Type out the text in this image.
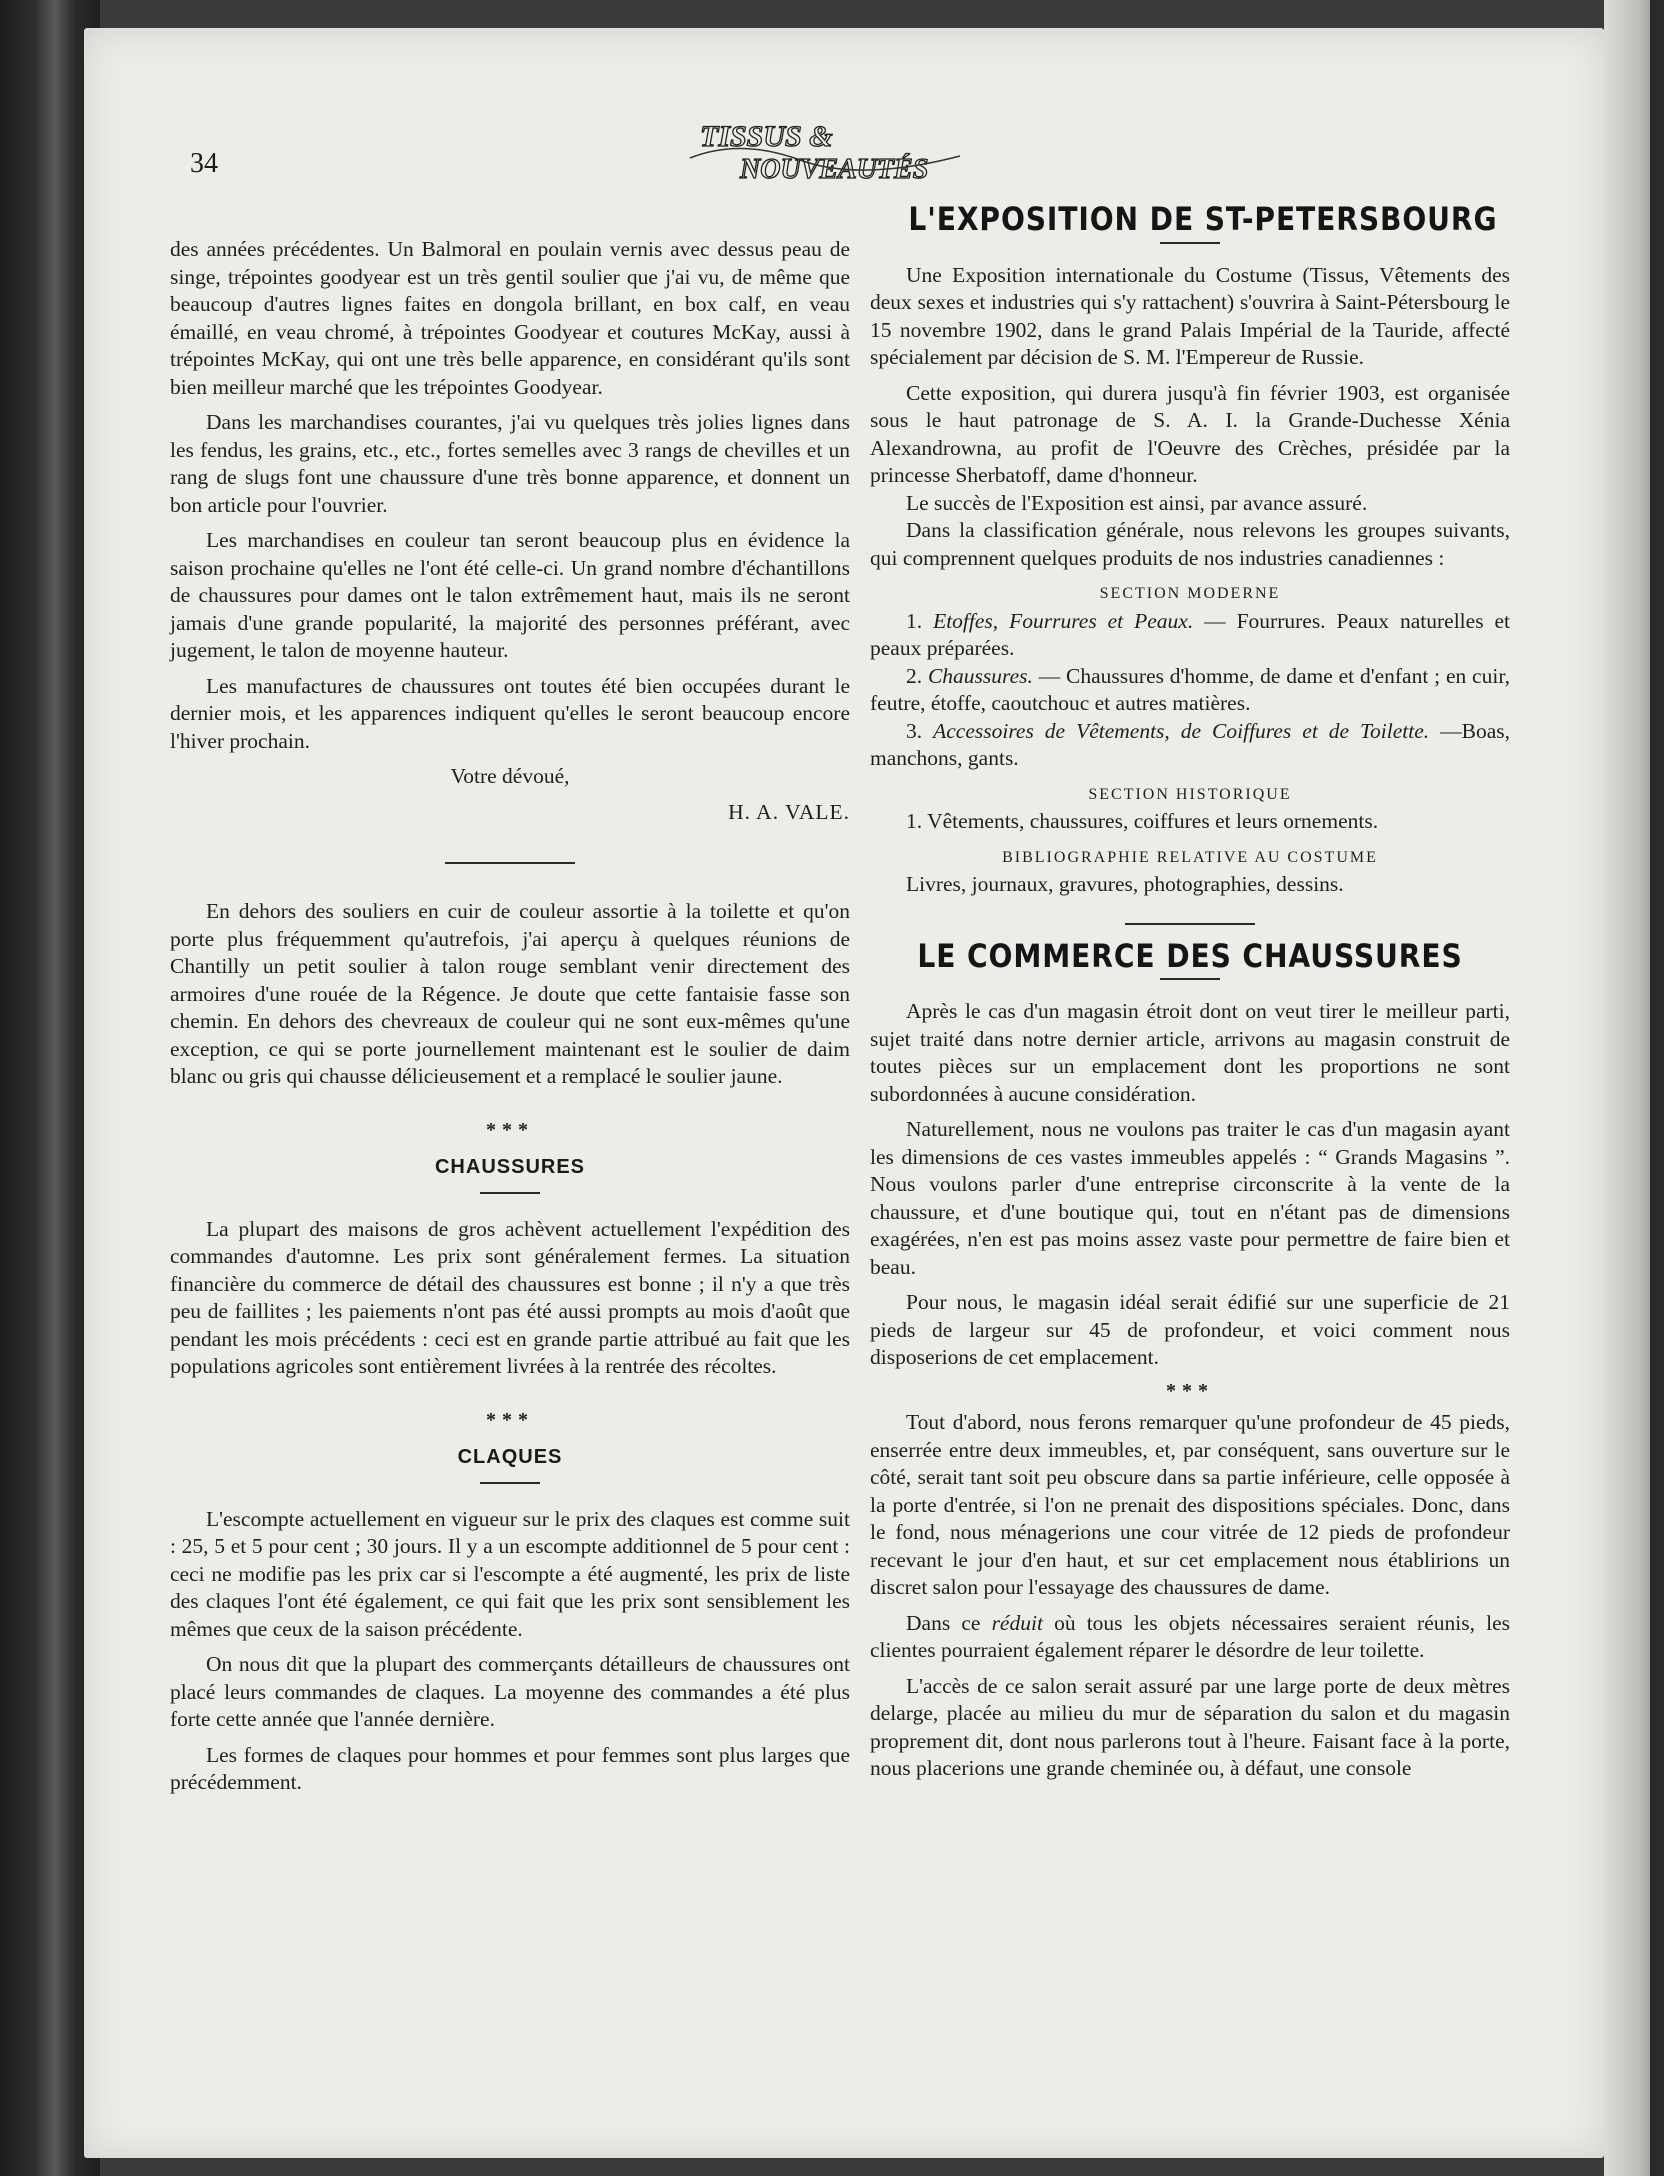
34
TISSUS &
NOUVEAUTÉS

des années précédentes. Un Balmoral en poulain vernis avec dessus peau de singe, trépointes goodyear est un très gentil soulier que j'ai vu, de même que beaucoup d'autres lignes faites en dongola brillant, en box calf, en veau émaillé, en veau chromé, à trépointes Goodyear et coutures McKay, aussi à trépointes McKay, qui ont une très belle apparence, en considérant qu'ils sont bien meilleur marché que les trépointes Goodyear.

Dans les marchandises courantes, j'ai vu quelques très jolies lignes dans les fendus, les grains, etc., etc., fortes semelles avec 3 rangs de chevilles et un rang de slugs font une chaussure d'une très bonne apparence, et donnent un bon article pour l'ouvrier.

Les marchandises en couleur tan seront beaucoup plus en évidence la saison prochaine qu'elles ne l'ont été celle-ci. Un grand nombre d'échantillons de chaussures pour dames ont le talon extrêmement haut, mais ils ne seront jamais d'une grande popularité, la majorité des personnes préférant, avec jugement, le talon de moyenne hauteur.

Les manufactures de chaussures ont toutes été bien occupées durant le dernier mois, et les apparences indiquent qu'elles le seront beaucoup encore l'hiver prochain.

Votre dévoué,

H. A. VALE.

En dehors des souliers en cuir de couleur assortie à la toilette et qu'on porte plus fréquemment qu'autrefois, j'ai aperçu à quelques réunions de Chantilly un petit soulier à talon rouge semblant venir directement des armoires d'une rouée de la Régence. Je doute que cette fantaisie fasse son chemin. En dehors des chevreaux de couleur qui ne sont eux-mêmes qu'une exception, ce qui se porte journellement maintenant est le soulier de daim blanc ou gris qui chausse délicieusement et a remplacé le soulier jaune.

***
CHAUSSURES

La plupart des maisons de gros achèvent actuellement l'expédition des commandes d'automne. Les prix sont généralement fermes. La situation financière du commerce de détail des chaussures est bonne ; il n'y a que très peu de faillites ; les paiements n'ont pas été aussi prompts au mois d'août que pendant les mois précédents : ceci est en grande partie attribué au fait que les populations agricoles sont entièrement livrées à la rentrée des récoltes.

***
CLAQUES

L'escompte actuellement en vigueur sur le prix des claques est comme suit : 25, 5 et 5 pour cent ; 30 jours. Il y a un escompte additionnel de 5 pour cent : ceci ne modifie pas les prix car si l'escompte a été augmenté, les prix de liste des claques l'ont été également, ce qui fait que les prix sont sensiblement les mêmes que ceux de la saison précédente.

On nous dit que la plupart des commerçants détailleurs de chaussures ont placé leurs commandes de claques. La moyenne des commandes a été plus forte cette année que l'année dernière.

Les formes de claques pour hommes et pour femmes sont plus larges que précédemment.

L'EXPOSITION DE ST-PETERSBOURG

Une Exposition internationale du Costume (Tissus, Vêtements des deux sexes et industries qui s'y rattachent) s'ouvrira à Saint-Pétersbourg le 15 novembre 1902, dans le grand Palais Impérial de la Tauride, affecté spécialement par décision de S. M. l'Empereur de Russie.

Cette exposition, qui durera jusqu'à fin février 1903, est organisée sous le haut patronage de S. A. I. la Grande-Duchesse Xénia Alexandrowna, au profit de l'Oeuvre des Crèches, présidée par la princesse Sherbatoff, dame d'honneur.

Le succès de l'Exposition est ainsi, par avance assuré.

Dans la classification générale, nous relevons les groupes suivants, qui comprennent quelques produits de nos industries canadiennes :

SECTION MODERNE

1. Etoffes, Fourrures et Peaux. — Fourrures. Peaux naturelles et peaux préparées.

2. Chaussures. — Chaussures d'homme, de dame et d'enfant ; en cuir, feutre, étoffe, caoutchouc et autres matières.

3. Accessoires de Vêtements, de Coiffures et de Toilette. —Boas, manchons, gants.

SECTION HISTORIQUE

1. Vêtements, chaussures, coiffures et leurs ornements.

BIBLIOGRAPHIE RELATIVE AU COSTUME

Livres, journaux, gravures, photographies, dessins.

LE COMMERCE DES CHAUSSURES

Après le cas d'un magasin étroit dont on veut tirer le meilleur parti, sujet traité dans notre dernier article, arrivons au magasin construit de toutes pièces sur un emplacement dont les proportions ne sont subordonnées à aucune considération.

Naturellement, nous ne voulons pas traiter le cas d'un magasin ayant les dimensions de ces vastes immeubles appelés : “ Grands Magasins ”. Nous voulons parler d'une entreprise circonscrite à la vente de la chaussure, et d'une boutique qui, tout en n'étant pas de dimensions exagérées, n'en est pas moins assez vaste pour permettre de faire bien et beau.

Pour nous, le magasin idéal serait édifié sur une superficie de 21 pieds de largeur sur 45 de profondeur, et voici comment nous disposerions de cet emplacement.

***

Tout d'abord, nous ferons remarquer qu'une profondeur de 45 pieds, enserrée entre deux immeubles, et, par conséquent, sans ouverture sur le côté, serait tant soit peu obscure dans sa partie inférieure, celle opposée à la porte d'entrée, si l'on ne prenait des dispositions spéciales. Donc, dans le fond, nous ménagerions une cour vitrée de 12 pieds de profondeur recevant le jour d'en haut, et sur cet emplacement nous établirions un discret salon pour l'essayage des chaussures de dame.

Dans ce réduit où tous les objets nécessaires seraient réunis, les clientes pourraient également réparer le désordre de leur toilette.

L'accès de ce salon serait assuré par une large porte de deux mètres delarge, placée au milieu du mur de séparation du salon et du magasin proprement dit, dont nous parlerons tout à l'heure. Faisant face à la porte, nous placerions une grande cheminée ou, à défaut, une console
